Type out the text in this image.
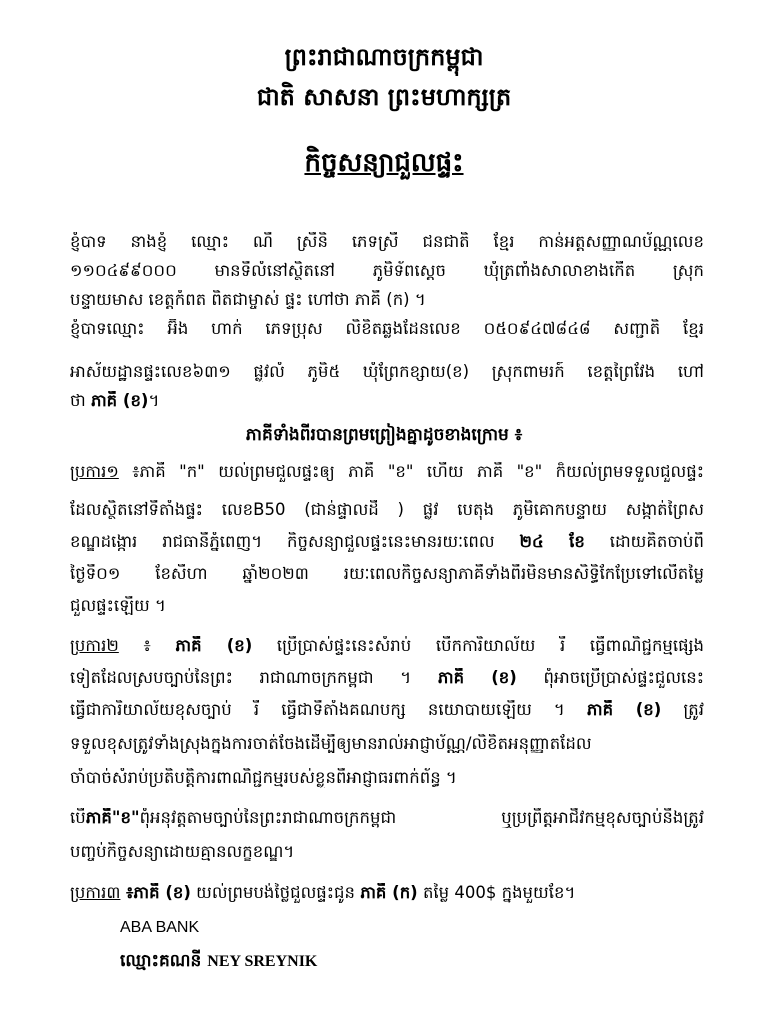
ព្រះរាជាណាចក្រកម្ពុជា
ជាតិ សាសនា ព្រះមហាក្សត្រ
កិច្ចសន្យាជួលផ្ទះ
ខ្ញុំបាទ នាងខ្ញុំ ឈ្មោះ ណី ស្រីនិ ភេទស្រី ជនជាតិ ខ្មែរ កាន់អត្តសញ្ញាណប័ណ្ណលេខ
១១០៤៩៩០០០ មានទីលំនៅស្ថិតនៅ ភូមិទ័ពស្តេច ឃុំត្រពាំងសាលាខាងកើត ស្រុក
បន្ទាយមាស ខេត្តកំពត ពិតជាម្ចាស់ ផ្ទះ ហៅថា ភាគី (ក) ។
ខ្ញុំបាទឈ្មោះ អ៊ឹង ហាក់ ភេទប្រុស លិខិតឆ្លងដែនលេខ ០៥០៩៤៧៨៤៨ សញ្ជាតិ ខ្មែរ
អាស័យដ្ឋានផ្ទះលេខ៦៣១ ផ្លូវលំ ភូមិ៥ ឃុំព្រែកខ្សាយ(ខ) ស្រុកពាមរក៍ ខេត្តព្រៃវែង ហៅ
ថា ភាគី (ខ)។
ភាគីទាំងពីរបានព្រមព្រៀងគ្នាដូចខាងក្រោម ៖
ប្រការ១ ៖ភាគី "ក" យល់ព្រមជួលផ្ទះឲ្យ ភាគី "ខ" ហើយ ភាគី "ខ" ក៏យល់ព្រមទទួលជួលផ្ទះ
ដែលស្ថិតនៅទីតាំងផ្ទះ លេខB50 (ជាន់ផ្ទាលដី ) ផ្លូវ បេតុង ភូមិគោកបន្ទាយ សង្កាត់ព្រៃស
ខណ្ឌដង្កោរ រាជធានីភ្នំពេញ។ កិច្ចសន្យាជួលផ្ទះនេះមានរយៈពេល ២៤ ខែ ដោយគិតចាប់ពី
ថ្ងៃទី០១ ខែសីហា ឆ្នាំ២០២៣ រយៈពេលកិច្ចសន្យាភាគីទាំងពីរមិនមានសិទ្ធិកែប្រែទៅលើតម្លៃ
ជួលផ្ទះឡើយ ។
ប្រការ២ ៖ ភាគី (ខ) ប្រើប្រាស់ផ្ទះនេះសំរាប់ បើកការិយាល័យ រឺ ធ្វើពាណិជ្ជកម្មផ្សេង
ទៀតដែលស្របច្បាប់នៃព្រះ រាជាណាចក្រកម្ពុជា ។ ភាគី (ខ) ពុំអាចប្រើប្រាស់ផ្ទះជួលនេះ
ធ្វើជាការិយាល័យខុសច្បាប់ រឺ ធ្វើជាទីតាំងគណបក្ស នយោបាយឡើយ ។ ភាគី (ខ) ត្រូវ
ទទួលខុសត្រូវទាំងស្រុងក្នុងការចាត់ចែងដើម្បីឲ្យមានរាល់អាជ្ញាប័ណ្ណ/លិខិតអនុញ្ញាតដែល
ចាំបាច់សំរាប់ប្រតិបត្តិការពាណិជ្ជកម្មរបស់ខ្លួនពីអាជ្ញាធរពាក់ព័ន្ធ ។
បើភាគី"ខ"ពុំអនុវត្តតាមច្បាប់នៃព្រះរាជាណាចក្រកម្ពុជា ឬប្រព្រឹត្តអាជីវកម្មខុសច្បាប់នឹងត្រូវ
បញ្ចប់កិច្ចសន្យាដោយគ្មានលក្ខខណ្ឌ។
ប្រការ៣ ៖ភាគី (ខ) យល់ព្រមបង់ថ្លៃជួលផ្ទះជូន ភាគី (ក) តម្លៃ 400$ ក្នុងមួយខែ។
ABA BANK
ឈ្មោះគណនី NEY SREYNIK
